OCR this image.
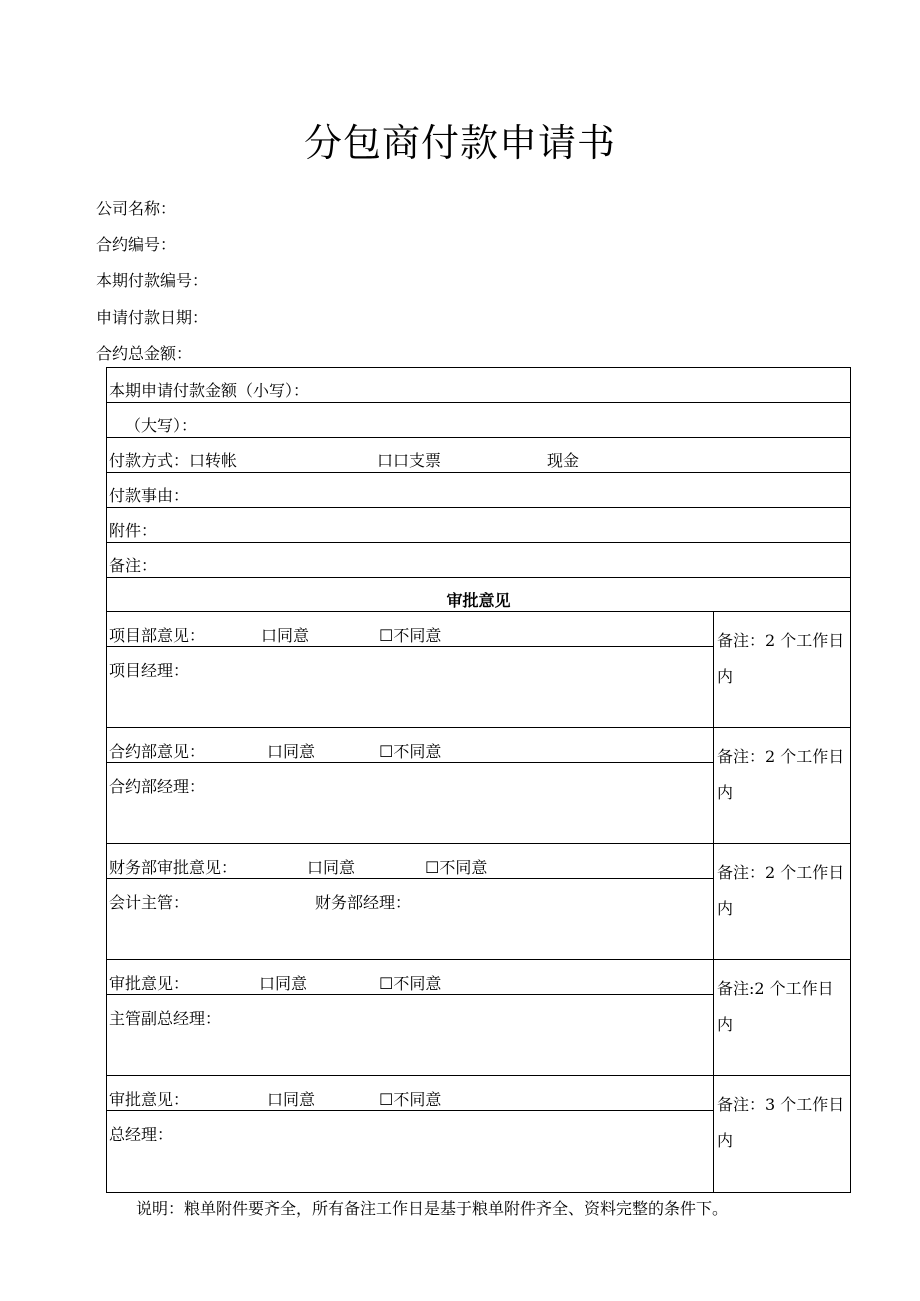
分包商付款申请书
公司名称：
合约编号：
本期付款编号：
申请付款日期：
合约总金额：
本期申请付款金额（小写）：
（大写）：
付款方式：口转帐	口口支票	现金
付款事由：
附件：
备注：
审批意见
项目部意见：	口同意	☐不同意
项目经理：
备注：2 个工作日内
合约部意见：	口同意	☐不同意
合约部经理：
备注：2 个工作日内
财务部审批意见：	口同意	☐不同意
会计主管：	财务部经理：
备注：2 个工作日内
审批意见：	口同意	☐不同意
主管副总经理：
备注:2 个工作日内
审批意见：	口同意	☐不同意
总经理：
备注：3 个工作日内
说明：粮单附件要齐全，所有备注工作日是基于粮单附件齐全、资料完整的条件下。
